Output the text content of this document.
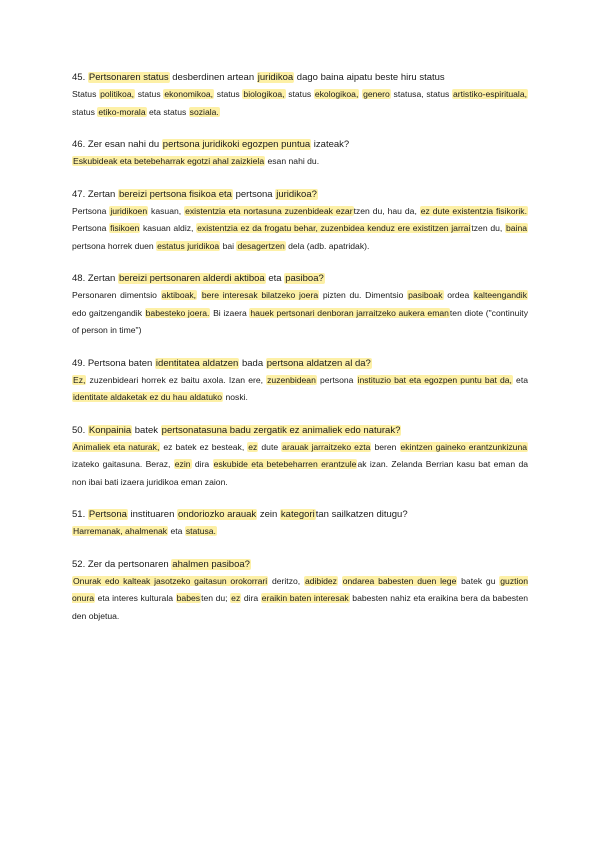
45. Pertsonaren status desberdinen artean juridikoa dago baina aipatu beste hiru status

Status politikoa, status ekonomikoa, status biologikoa, status ekologikoa, genero statusa, status artistiko-espirituala, status etiko-morala eta status soziala.

46. Zer esan nahi du pertsona juridikoki egozpen puntua izateak?

Eskubideak eta betebeharrak egotzi ahal zaizkiela esan nahi du.

47. Zertan bereizi pertsona fisikoa eta pertsona juridikoa?

Pertsona juridikoen kasuan, existentzia eta nortasuna zuzenbideak ezartzen du, hau da, ez dute existentzia fisikorik. Pertsona fisikoen kasuan aldiz, existentzia ez da frogatu behar, zuzenbidea kenduz ere existitzen jarraitzen du, baina pertsona horrek duen estatus juridikoa bai desagertzen dela (adb. apatridak).

48. Zertan bereizi pertsonaren alderdi aktiboa eta pasiboa?

Personaren dimentsio aktiboak, bere interesak bilatzeko joera pizten du. Dimentsio pasiboak ordea kalteengandik edo gaitzengandik babesteko joera. Bi izaera hauek pertsonari denboran jarraitzeko aukera emanten diote ("continuity of person in time")

49. Pertsona baten identitatea aldatzen bada pertsona aldatzen al da?

Ez, zuzenbideari horrek ez baitu axola. Izan ere, zuzenbidean pertsona instituzio bat eta egozpen puntu bat da, eta identitate aldaketak ez du hau aldatuko noski.

50. Konpainia batek pertsonatasuna badu zergatik ez animaliek edo naturak?

Animaliek eta naturak, ez batek ez besteak, ez dute arauak jarraitzeko ezta beren ekintzen gaineko erantzunkizuna izateko gaitasuna. Beraz, ezin dira eskubide eta betebeharren erantzuleak izan. Zelanda Berrian kasu bat eman da non ibai bati izaera juridikoa eman zaion.

51. Pertsona instituaren ondoriozko arauak zein kategoritan sailkatzen ditugu?

Harremanak, ahalmenak eta statusa.

52. Zer da pertsonaren ahalmen pasiboa?

Onurak edo kalteak jasotzeko gaitasun orokorrari deritzo, adibidez ondarea babesten duen lege batek gu guztion onura eta interes kulturala babesten du; ez dira eraikin baten interesak babesten nahiz eta eraikina bera da babesten den objetua.
